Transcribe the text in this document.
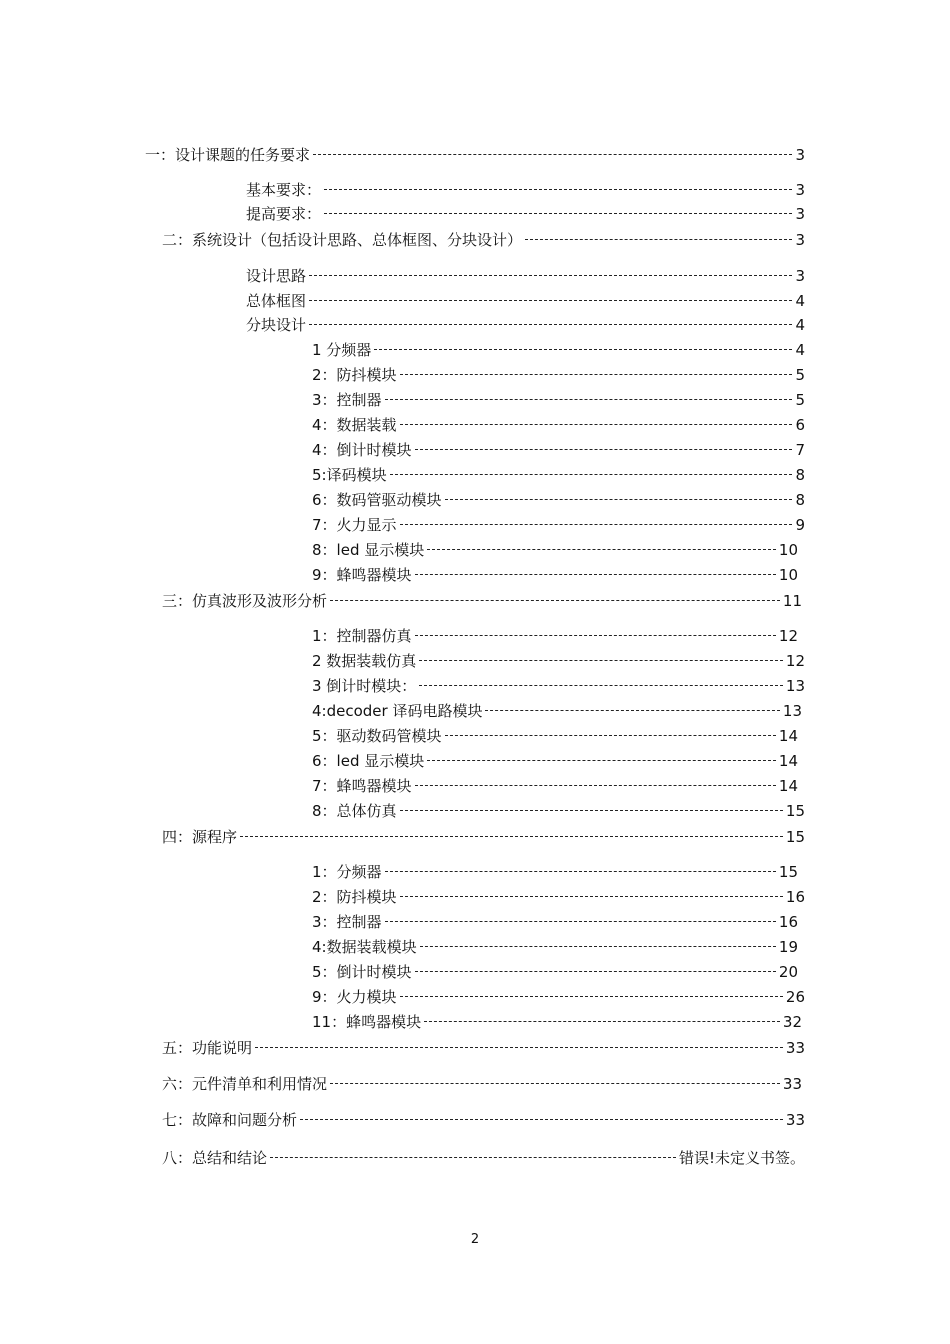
一：设计课题的任务要求	3
基本要求：	3
提高要求：	3
二：系统设计（包括设计思路、总体框图、分块设计）	3
设计思路	3
总体框图	4
分块设计	4
1 分频器	4
2：防抖模块	5
3：控制器	5
4：数据装载	6
4：倒计时模块	7
5:译码模块	8
6：数码管驱动模块	8
7：火力显示	9
8：led 显示模块	10
9：蜂鸣器模块	10
三：仿真波形及波形分析	11
1：控制器仿真	12
2 数据装载仿真	12
3 倒计时模块：	13
4:decoder 译码电路模块	13
5：驱动数码管模块	14
6：led 显示模块	14
7：蜂鸣器模块	14
8：总体仿真	15
四：源程序	15
1：分频器	15
2：防抖模块	16
3：控制器	16
4:数据装载模块	19
5：倒计时模块	20
9：火力模块	26
11：蜂鸣器模块	32
五：功能说明	33
六：元件清单和利用情况	33
七：故障和问题分析	33
八：总结和结论	错误!未定义书签。
2
